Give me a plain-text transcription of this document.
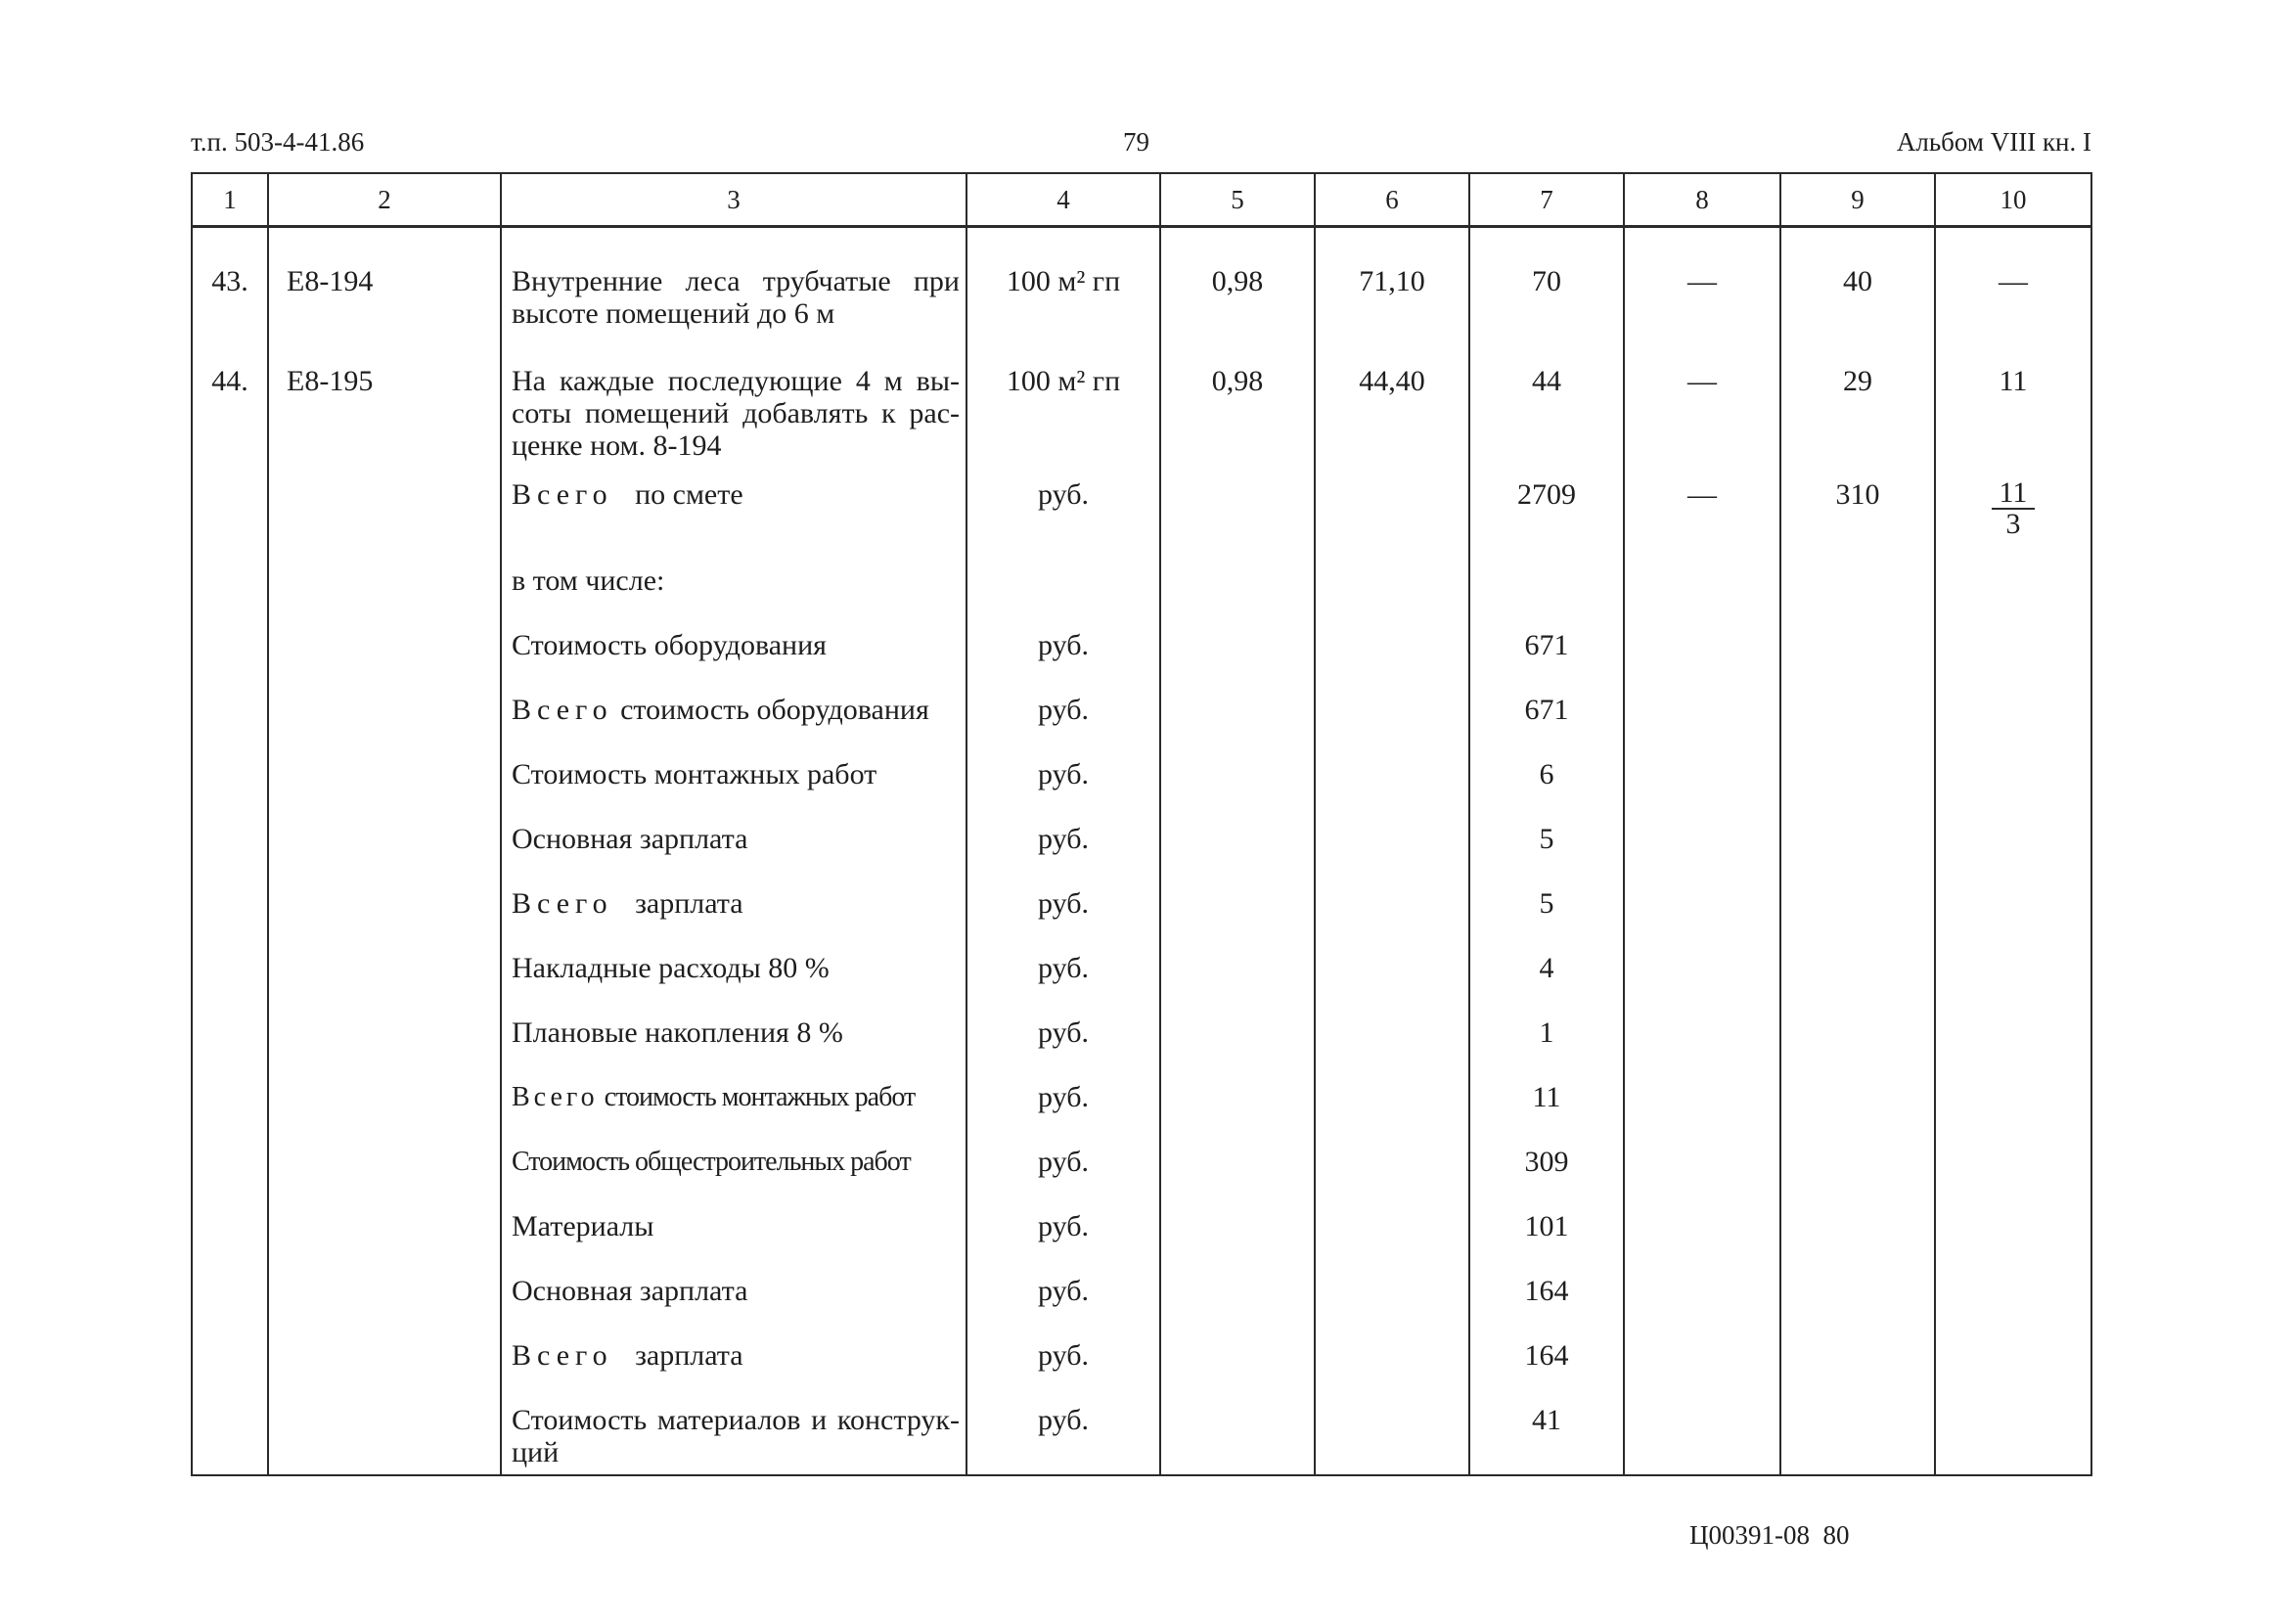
т.п. 503-4-41.86	79	Альбом VIII кн. I
1	2	3	4	5	6	7	8	9	10
43.	Е8-194	Внутренние леса трубчатые при высоте помещений до 6 м	100 м² гп	0,98	71,10	70	—	40	—
44.	Е8-195	На каждые последующие 4 м вы-соты помещений добавлять к рас-ценке ном. 8-194	100 м² гп	0,98	44,40	44	—	29	11
		Всего по смете	руб.			2709	—	310	$\frac{11}{3}$

		в том числе:							
		Стоимость оборудования	руб.			671			
		Всего стоимость оборудования	руб.			671			
		Стоимость монтажных работ	руб.			6			
		Основная зарплата	руб.			5			
		Всего зарплата	руб.			5			
		Накладные расходы 80 %	руб.			4			
		Плановые накопления 8 %	руб.			1			
		Всего стоимость монтажных работ	руб.			11			
		Стоимость общестроительных работ	руб.			309			
		Материалы	руб.			101			
		Основная зарплата	руб.			164			
		Всего зарплата	руб.			164			
		Стоимость материалов и конструк-ций	руб.			41			
Ц00391-08 80
